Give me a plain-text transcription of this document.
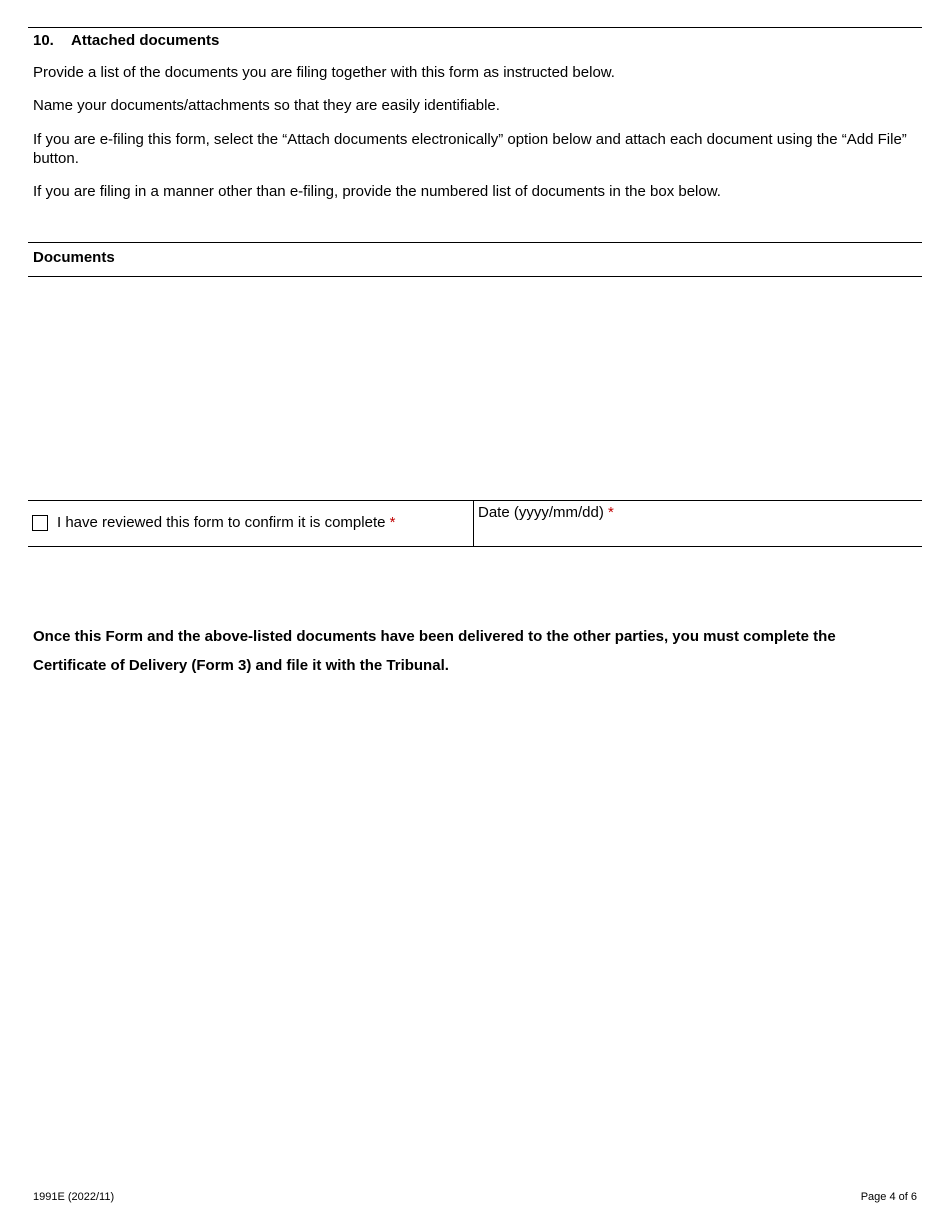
10. Attached documents
Provide a list of the documents you are filing together with this form as instructed below.
Name your documents/attachments so that they are easily identifiable.
If you are e-filing this form, select the “Attach documents electronically” option below and attach each document using the “Add File” button.
If you are filing in a manner other than e-filing, provide the numbered list of documents in the box below.
Documents
I have reviewed this form to confirm it is complete *
Date (yyyy/mm/dd) *
Once this Form and the above-listed documents have been delivered to the other parties, you must complete the Certificate of Delivery (Form 3) and file it with the Tribunal.
1991E (2022/11)	Page 4 of 6
